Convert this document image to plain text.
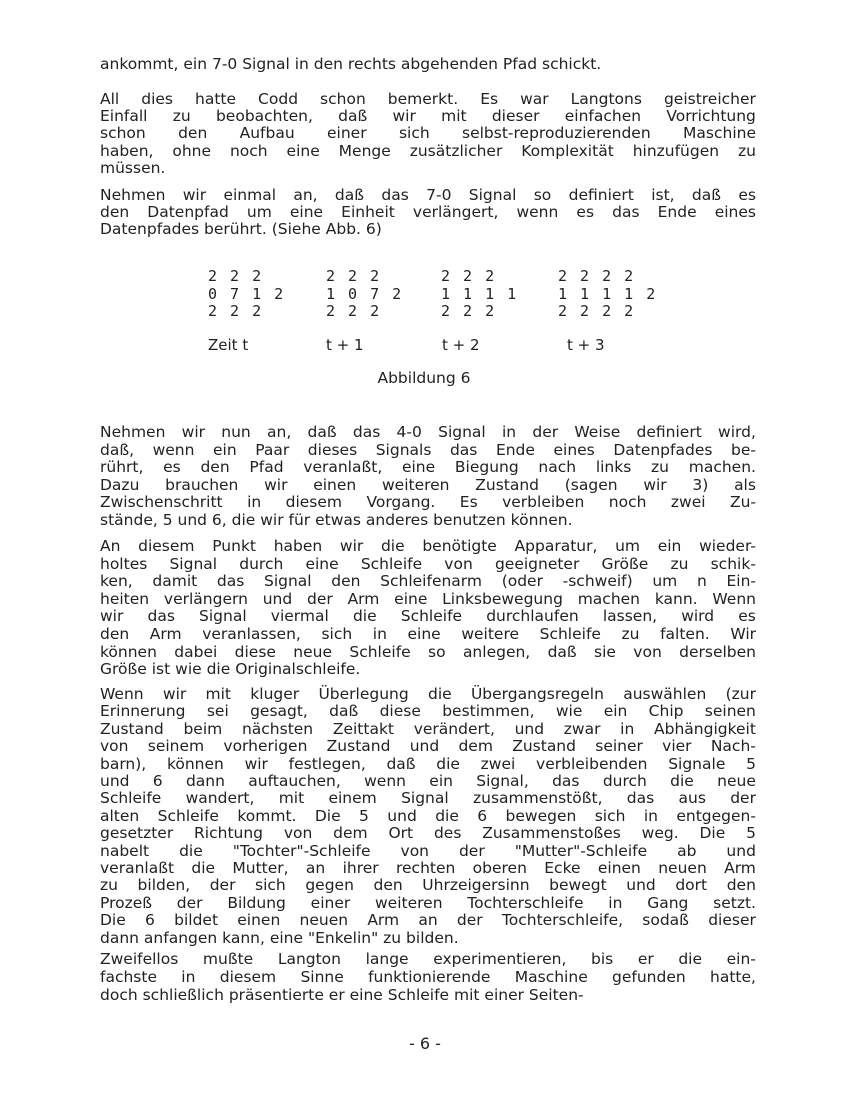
ankommt, ein 7-0 Signal in den rechts abgehenden Pfad schickt.
All dies hatte Codd schon bemerkt. Es war Langtons geistreicher
Einfall zu beobachten, daß wir mit dieser einfachen Vorrichtung
schon den Aufbau einer sich selbst-reproduzierenden Maschine
haben, ohne noch eine Menge zusätzlicher Komplexität hinzufügen zu
müssen.
Nehmen wir einmal an, daß das 7-0 Signal so definiert ist, daß es
den Datenpfad um eine Einheit verlängert, wenn es das Ende eines
Datenpfades berührt. (Siehe Abb. 6)
Nehmen wir nun an, daß das 4-0 Signal in der Weise definiert wird,
daß, wenn ein Paar dieses Signals das Ende eines Datenpfades be-
rührt, es den Pfad veranlaßt, eine Biegung nach links zu machen.
Dazu brauchen wir einen weiteren Zustand (sagen wir 3) als
Zwischenschritt in diesem Vorgang. Es verbleiben noch zwei Zu-
stände, 5 und 6, die wir für etwas anderes benutzen können.
An diesem Punkt haben wir die benötigte Apparatur, um ein wieder-
holtes Signal durch eine Schleife von geeigneter Größe zu schik-
ken, damit das Signal den Schleifenarm (oder -schweif) um n Ein-
heiten verlängern und der Arm eine Linksbewegung machen kann. Wenn
wir das Signal viermal die Schleife durchlaufen lassen, wird es
den Arm veranlassen, sich in eine weitere Schleife zu falten. Wir
können dabei diese neue Schleife so anlegen, daß sie von derselben
Größe ist wie die Originalschleife.
Wenn wir mit kluger Überlegung die Übergangsregeln auswählen (zur
Erinnerung sei gesagt, daß diese bestimmen, wie ein Chip seinen
Zustand beim nächsten Zeittakt verändert, und zwar in Abhängigkeit
von seinem vorherigen Zustand und dem Zustand seiner vier Nach-
barn), können wir festlegen, daß die zwei verbleibenden Signale 5
und 6 dann auftauchen, wenn ein Signal, das durch die neue
Schleife wandert, mit einem Signal zusammenstößt, das aus der
alten Schleife kommt. Die 5 und die 6 bewegen sich in entgegen-
gesetzter Richtung von dem Ort des Zusammenstoßes weg. Die 5
nabelt die "Tochter"-Schleife von der "Mutter"-Schleife ab und
veranlaßt die Mutter, an ihrer rechten oberen Ecke einen neuen Arm
zu bilden, der sich gegen den Uhrzeigersinn bewegt und dort den
Prozeß der Bildung einer weiteren Tochterschleife in Gang setzt.
Die 6 bildet einen neuen Arm an der Tochterschleife, sodaß dieser
dann anfangen kann, eine "Enkelin" zu bilden.
Zweifellos mußte Langton lange experimentieren, bis er die ein-
fachste in diesem Sinne funktionierende Maschine gefunden hatte,
doch schließlich präsentierte er eine Schleife mit einer Seiten-
2 2 2
0 7 1 2
2 2 2
2 2 2
1 0 7 2
2 2 2
2 2 2
1 1 1 1
2 2 2
2 2 2 2
1 1 1 1 2
2 2 2 2
Zeit t	t + 1	t + 2	t + 3
Abbildung 6
- 6 -
